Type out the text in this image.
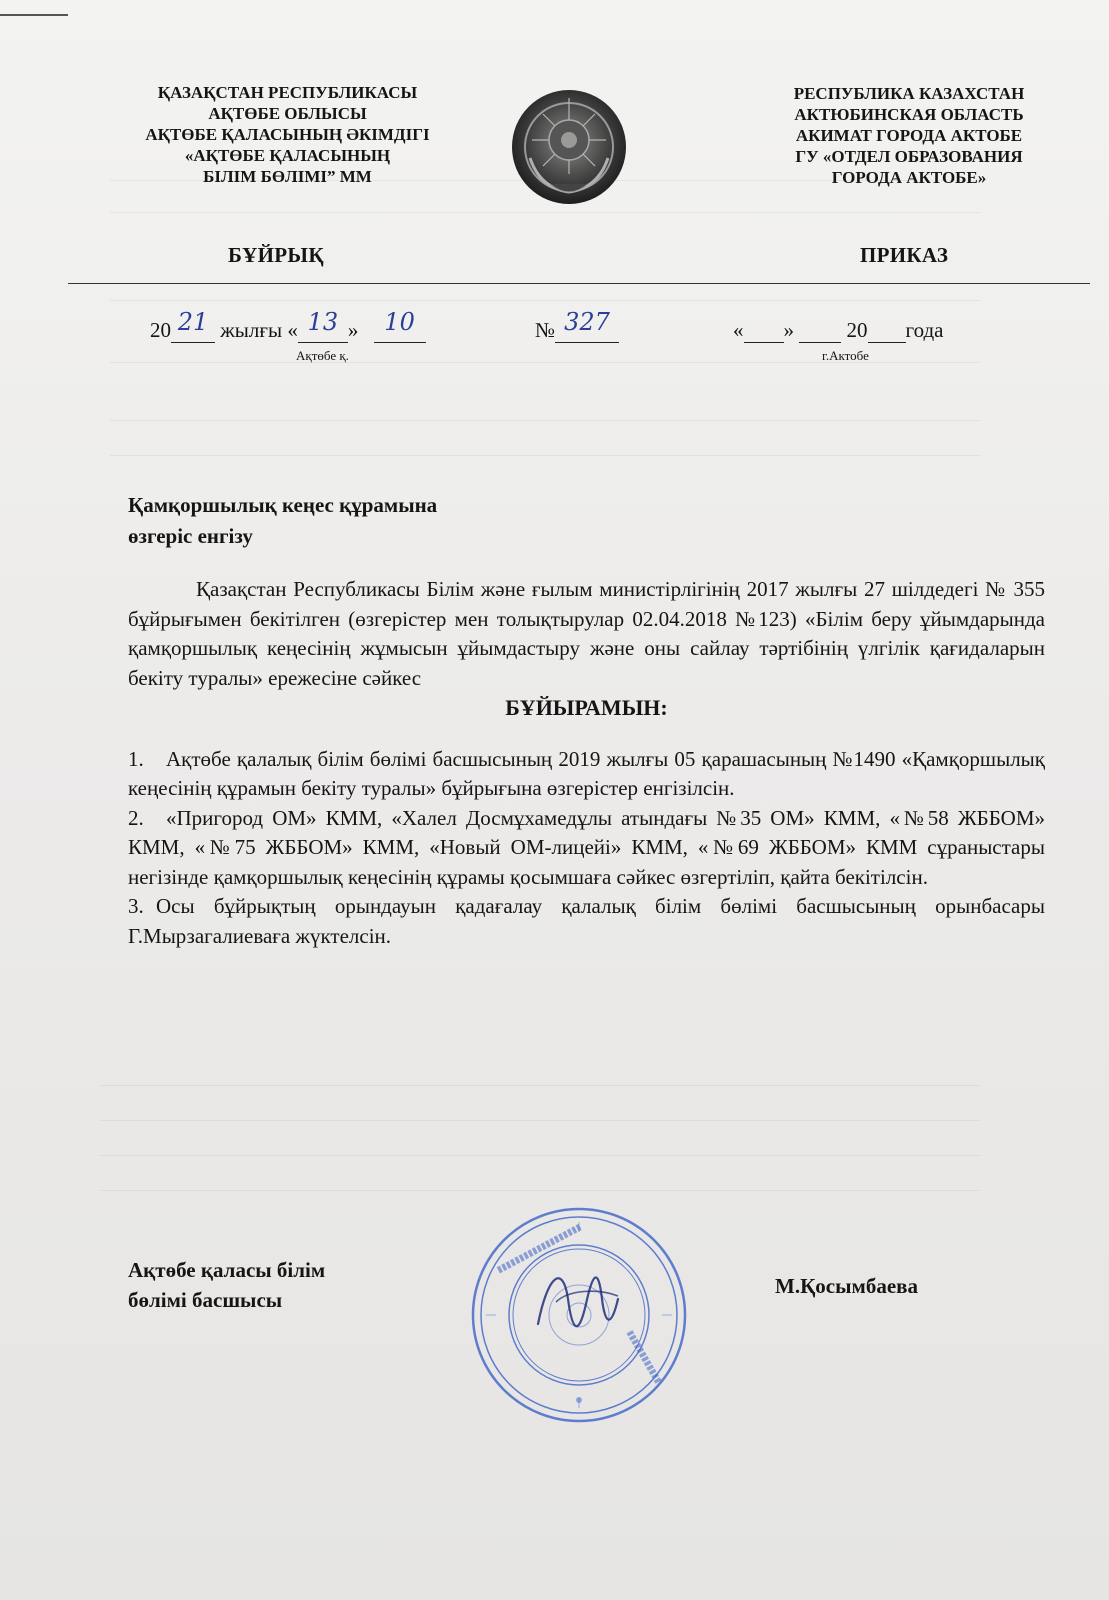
ҚАЗАҚСТАН РЕСПУБЛИКАСЫ
АҚТӨБЕ ОБЛЫСЫ
АҚТӨБЕ ҚАЛАСЫНЫҢ ӘКІМДІГІ
«АҚТӨБЕ ҚАЛАСЫНЫҢ
БІЛІМ БӨЛІМІ” ММ
РЕСПУБЛИКА КАЗАХСТАН
АКТЮБИНСКАЯ ОБЛАСТЬ
АКИМАТ ГОРОДА АКТОБЕ
ГУ «ОТДЕЛ ОБРАЗОВАНИЯ
ГОРОДА АКТОБЕ»
БҰЙРЫҚ	ПРИКАЗ
20 21 жылғы « 13 »	10	№ 327	« »	20 года
Ақтөбе қ.	г.Актобе
Қамқоршылық кеңес құрамына
өзгеріс енгізу

Қазақстан Республикасы Білім және ғылым министірлігінің 2017 жылғы 27 шілдедегі № 355 бұйрығымен бекітілген (өзгерістер мен толықтырулар 02.04.2018 №123) «Білім беру ұйымдарында қамқоршылық кеңесінің жұмысын ұйымдастыру және оны сайлау тәртібінің үлгілік қағидаларын бекіту туралы» ережесіне сәйкес

БҰЙЫРАМЫН:

1. Ақтөбе қалалық білім бөлімі басшысының 2019 жылғы 05 қарашасының №1490 «Қамқоршылық кеңесінің құрамын бекіту туралы» бұйрығына өзгерістер енгізілсін.

2. «Пригород ОМ» КММ, «Халел Досмұхамедұлы атындағы №35 ОМ» КММ, «№58 ЖББОМ» КММ, «№75 ЖББОМ» КММ, «Новый ОМ-лицейі» КММ, «№69 ЖББОМ» КММ сұраныстары негізінде қамқоршылық кеңесінің құрамы қосымшаға сәйкес өзгертіліп, қайта бекітілсін.

3. Осы бұйрықтың орындауын қадағалау қалалық білім бөлімі басшысының орынбасары Г.Мырзагалиеваға жүктелсін.

Ақтөбе қаласы білім
бөлімі басшысы
М.Қосымбаева
▮▮▮▮▮▮▮▮▮▮▮▮▮▮▮▮▮▮▮
▮▮▮▮▮▮▮▮▮▮▮▮
